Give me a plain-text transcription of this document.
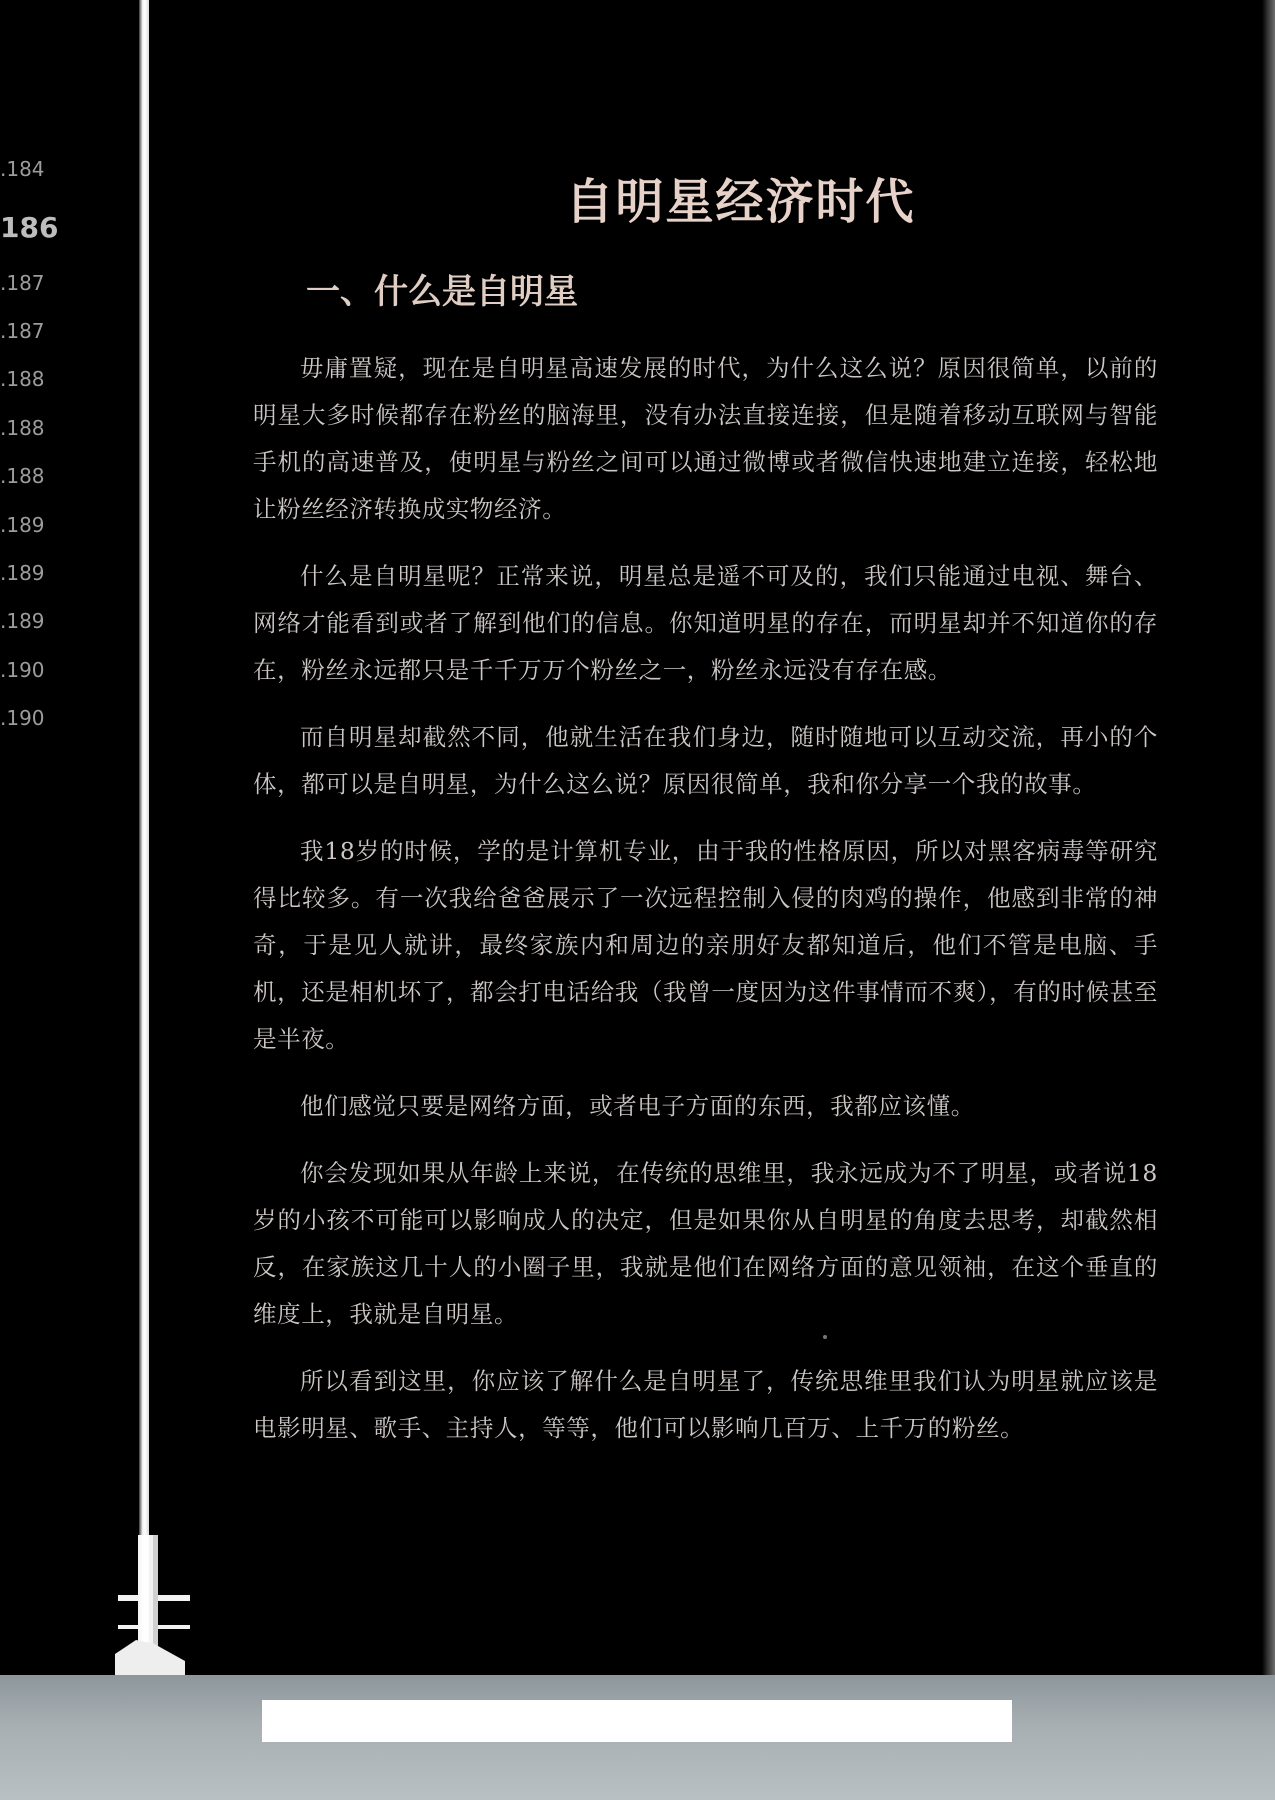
.184
186
.187
.187
.188
.188
.188
.189
.189
.189
.190
.190
自明星经济时代
一、什么是自明星

毋庸置疑，现在是自明星高速发展的时代，为什么这么说？原因很简单，以前的明星大多时候都存在粉丝的脑海里，没有办法直接连接，但是随着移动互联网与智能手机的高速普及，使明星与粉丝之间可以通过微博或者微信快速地建立连接，轻松地让粉丝经济转换成实物经济。

什么是自明星呢？正常来说，明星总是遥不可及的，我们只能通过电视、舞台、网络才能看到或者了解到他们的信息。你知道明星的存在，而明星却并不知道你的存在，粉丝永远都只是千千万万个粉丝之一，粉丝永远没有存在感。

而自明星却截然不同，他就生活在我们身边，随时随地可以互动交流，再小的个体，都可以是自明星，为什么这么说？原因很简单，我和你分享一个我的故事。

我18岁的时候，学的是计算机专业，由于我的性格原因，所以对黑客病毒等研究得比较多。有一次我给爸爸展示了一次远程控制入侵的肉鸡的操作，他感到非常的神奇，于是见人就讲，最终家族内和周边的亲朋好友都知道后，他们不管是电脑、手机，还是相机坏了，都会打电话给我（我曾一度因为这件事情而不爽），有的时候甚至是半夜。

他们感觉只要是网络方面，或者电子方面的东西，我都应该懂。

你会发现如果从年龄上来说，在传统的思维里，我永远成为不了明星，或者说18岁的小孩不可能可以影响成人的决定，但是如果你从自明星的角度去思考，却截然相反，在家族这几十人的小圈子里，我就是他们在网络方面的意见领袖，在这个垂直的维度上，我就是自明星。

所以看到这里，你应该了解什么是自明星了，传统思维里我们认为明星就应该是电影明星、歌手、主持人，等等，他们可以影响几百万、上千万的粉丝。
